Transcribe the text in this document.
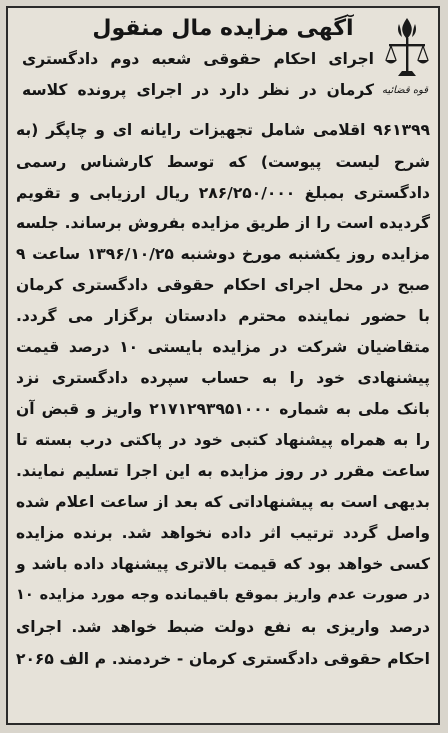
قوه قضائیه
آگهی مزایده مال منقول
اجرای احکام حقوقی شعبه دوم دادگستری
کرمان در نظر دارد در اجرای پرونده کلاسه
۹۶۱۳۹۹ اقلامی شامل تجهیزات رایانه ای و چاپگر (به
شرح لیست پیوست) که توسط کارشناس رسمی
دادگستری بمبلغ ۲۸۶/۲۵۰/۰۰۰ ریال ارزیابی و تقویم
گردیده است را از طریق مزایده بفروش برساند. جلسه
مزایده روز یکشنبه مورخ دوشنبه ۱۳۹۶/۱۰/۲۵ ساعت ۹
صبح در محل اجرای احکام حقوقی دادگستری کرمان
با حضور نماینده محترم دادستان برگزار می گردد.
متقاضیان شرکت در مزایده بایستی ۱۰ درصد قیمت
پیشنهادی خود را به حساب سپرده دادگستری نزد
بانک ملی به شماره ۲۱۷۱۲۹۳۹۵۱۰۰۰ واریز و قبض آن
را به همراه پیشنهاد کتبی خود در پاکتی درب بسته تا
ساعت مقرر در روز مزایده به این اجرا تسلیم نمایند.
بدیهی است به پیشنهاداتی که بعد از ساعت اعلام شده
واصل گردد ترتیب اثر داده نخواهد شد. برنده مزایده
کسی خواهد بود که قیمت بالاتری پیشنهاد داده باشد و
در صورت عدم واریز بموقع باقیمانده وجه مورد مزایده ۱۰
درصد واریزی به نفع دولت ضبط خواهد شد. اجرای
احکام حقوقی دادگستری کرمان - خردمند. م الف ۲۰۶۵
